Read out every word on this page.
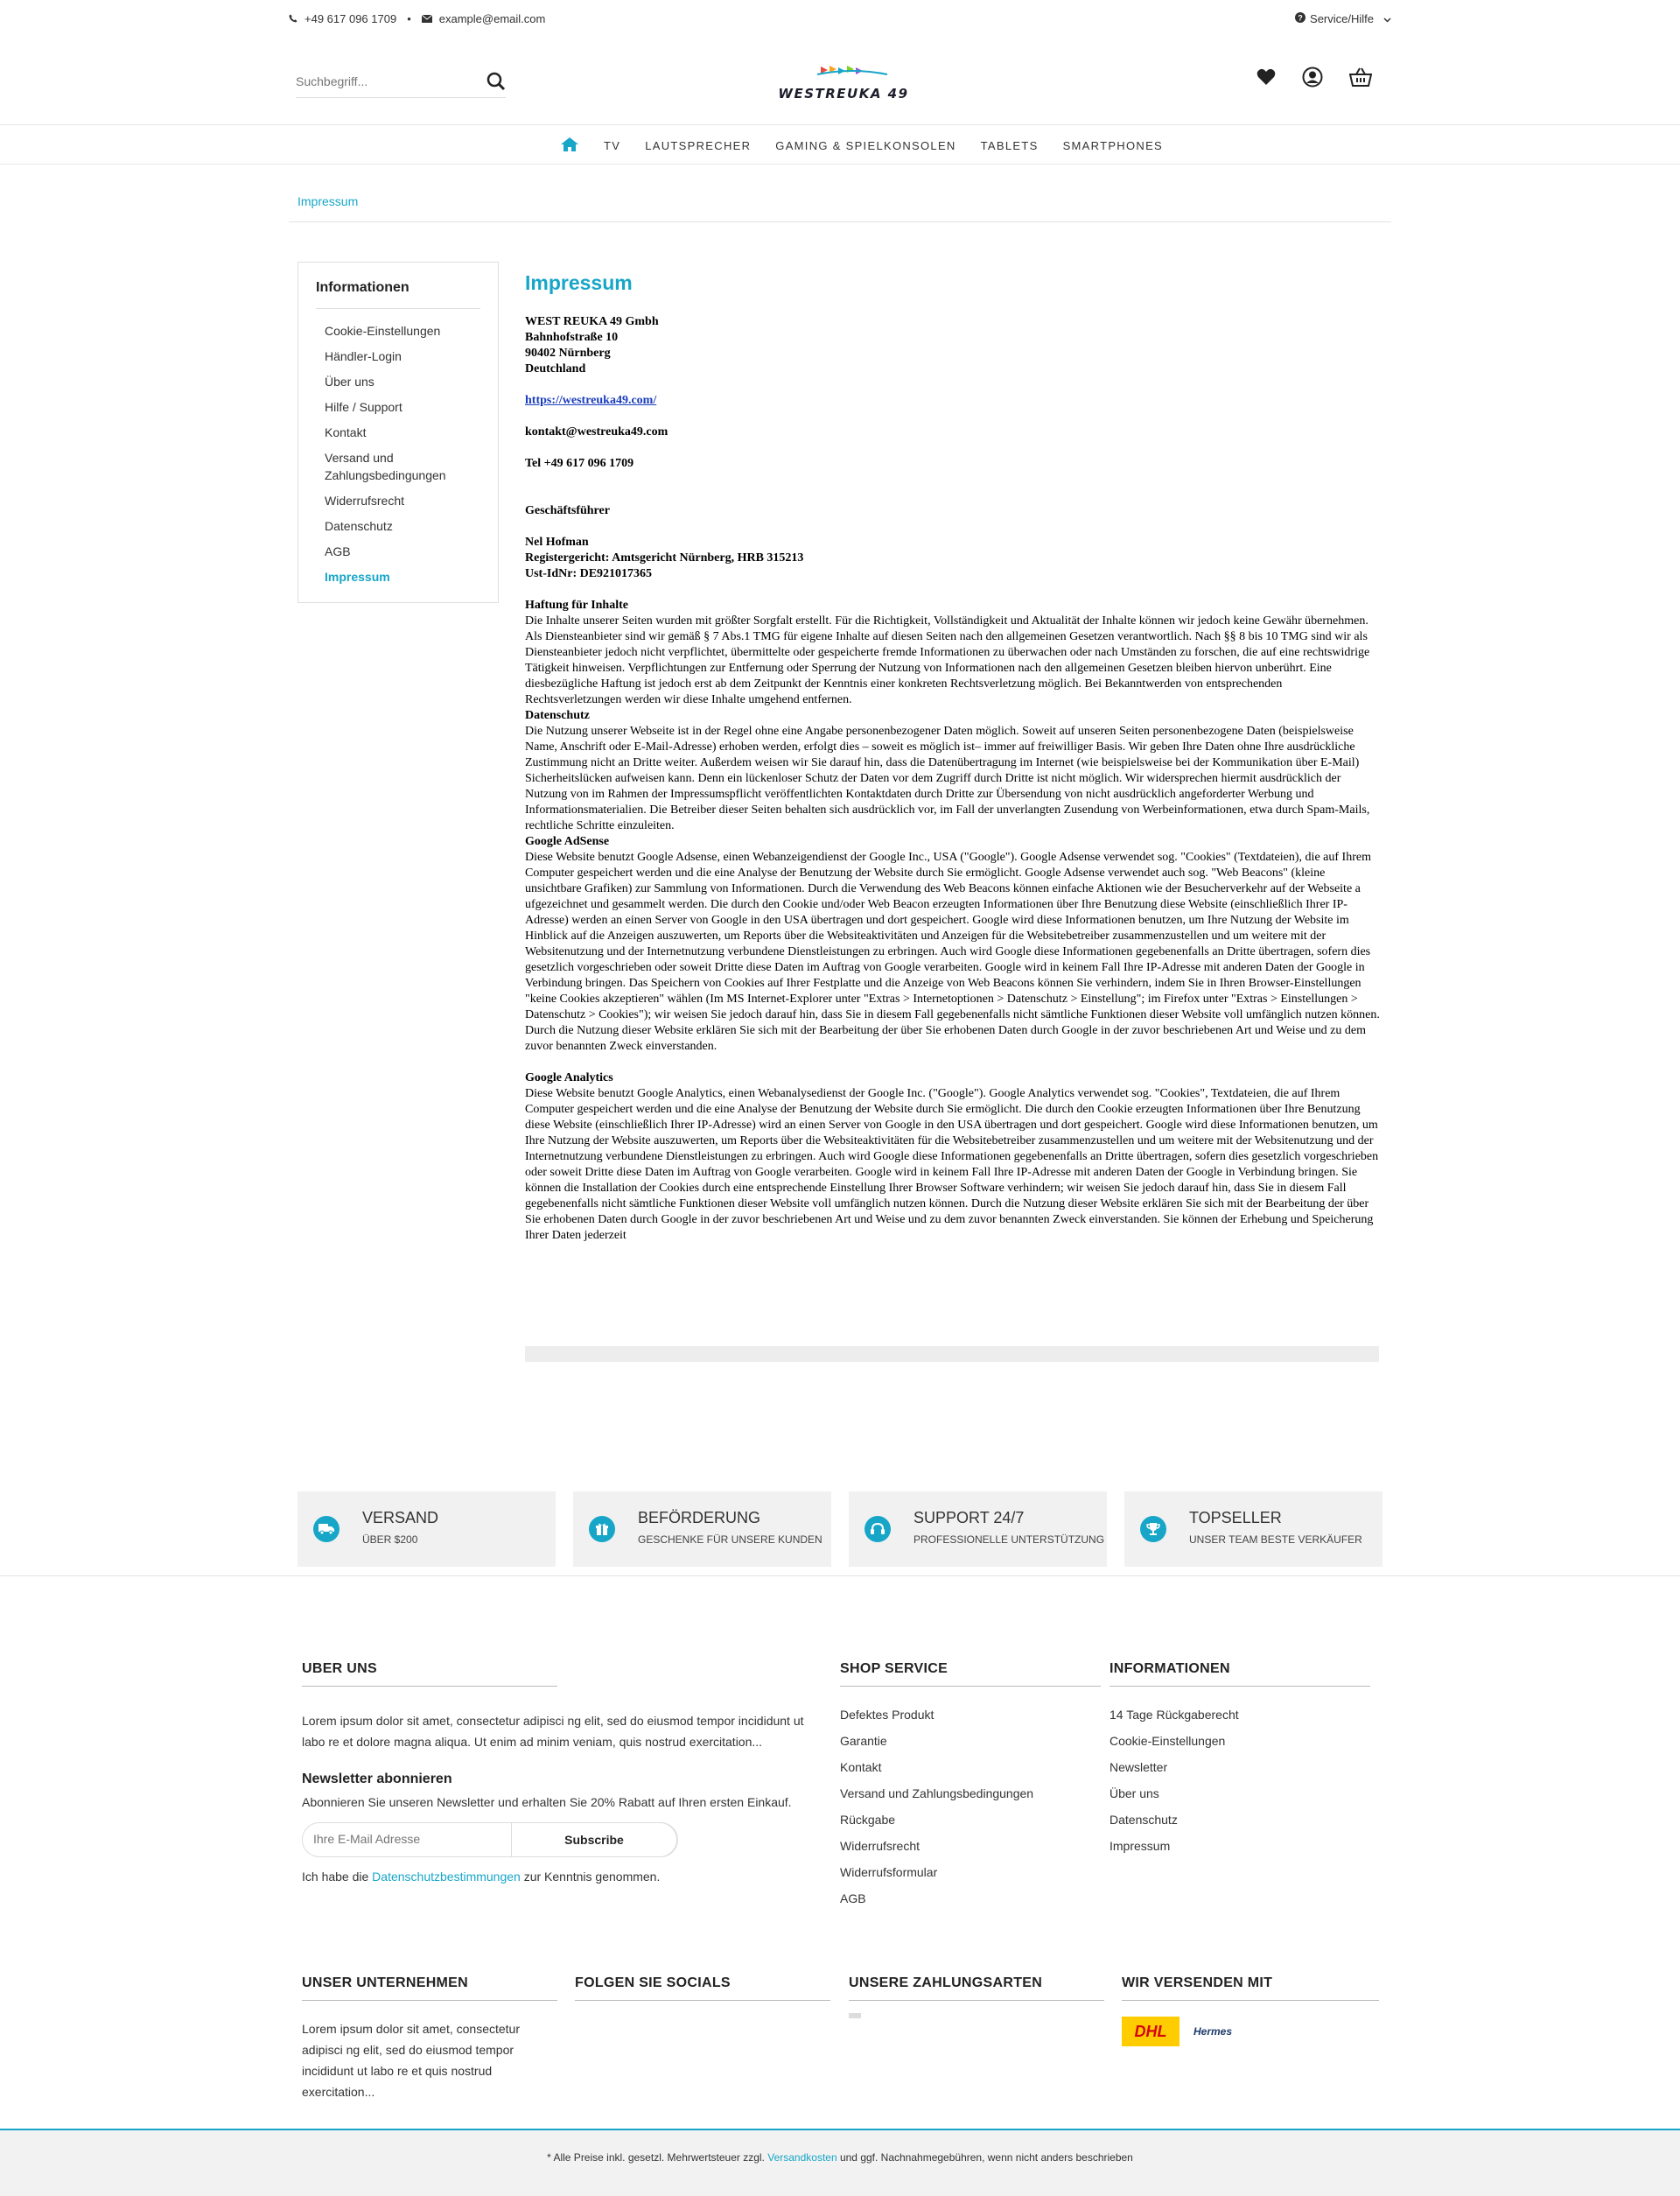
+49 617 096 1709 • example@email.com	? Service/Hilfe
Suchbegriff...
WESTREUKA 49
TV LAUTSPRECHER GAMING & SPIELKONSOLEN TABLETS SMARTPHONES
Impressum
Informationen
Cookie-Einstellungen
Händler-Login
Über uns
Hilfe / Support
Kontakt
Versand und Zahlungsbedingungen
Widerrufsrecht
Datenschutz
AGB
Impressum
Impressum

WEST REUKA 49 Gmbh

Bahnhofstraße 10

90402 Nürnberg

Deutchland

https://westreuka49.com/

kontakt@westreuka49.com

Tel +49 617 096 1709

Geschäftsführer

Nel Hofman

Registergericht: Amtsgericht Nürnberg, HRB 315213

Ust-IdNr: DE921017365

Haftung für Inhalte

Die Inhalte unserer Seiten wurden mit größter Sorgfalt erstellt. Für die Richtigkeit, Vollständigkeit und Aktualität der Inhalte können wir jedoch keine Gewähr übernehmen. Als Diensteanbieter sind wir gemäß § 7 Abs.1 TMG für eigene Inhalte auf diesen Seiten nach den allgemeinen Gesetzen verantwortlich. Nach §§ 8 bis 10 TMG sind wir als Diensteanbieter jedoch nicht verpflichtet, übermittelte oder gespeicherte fremde Informationen zu überwachen oder nach Umständen zu forschen, die auf eine rechtswidrige Tätigkeit hinweisen. Verpflichtungen zur Entfernung oder Sperrung der Nutzung von Informationen nach den allgemeinen Gesetzen bleiben hiervon unberührt. Eine diesbezügliche Haftung ist jedoch erst ab dem Zeitpunkt der Kenntnis einer konkreten Rechtsverletzung möglich. Bei Bekanntwerden von entsprechenden Rechtsverletzungen werden wir diese Inhalte umgehend entfernen.

Datenschutz

Die Nutzung unserer Webseite ist in der Regel ohne eine Angabe personenbezogener Daten möglich. Soweit auf unseren Seiten personenbezogene Daten (beispielsweise Name, Anschrift oder E-Mail-Adresse) erhoben werden, erfolgt dies – soweit es möglich ist– immer auf freiwilliger Basis. Wir geben Ihre Daten ohne Ihre ausdrückliche Zustimmung nicht an Dritte weiter. Außerdem weisen wir Sie darauf hin, dass die Datenübertragung im Internet (wie beispielsweise bei der Kommunikation über E-Mail) Sicherheitslücken aufweisen kann. Denn ein lückenloser Schutz der Daten vor dem Zugriff durch Dritte ist nicht möglich. Wir widersprechen hiermit ausdrücklich der Nutzung von im Rahmen der Impressumspflicht veröffentlichten Kontaktdaten durch Dritte zur Übersendung von nicht ausdrücklich angeforderter Werbung und Informationsmaterialien. Die Betreiber dieser Seiten behalten sich ausdrücklich vor, im Fall der unverlangten Zusendung von Werbeinformationen, etwa durch Spam-Mails, rechtliche Schritte einzuleiten.

Google AdSense

Diese Website benutzt Google Adsense, einen Webanzeigendienst der Google Inc., USA ("Google"). Google Adsense verwendet sog. "Cookies" (Textdateien), die auf Ihrem Computer gespeichert werden und die eine Analyse der Benutzung der Website durch Sie ermöglicht. Google Adsense verwendet auch sog. "Web Beacons" (kleine unsichtbare Grafiken) zur Sammlung von Informationen. Durch die Verwendung des Web Beacons können einfache Aktionen wie der Besucherverkehr auf der Webseite a ufgezeichnet und gesammelt werden. Die durch den Cookie und/oder Web Beacon erzeugten Informationen über Ihre Benutzung diese Website (einschließlich Ihrer IP-Adresse) werden an einen Server von Google in den USA übertragen und dort gespeichert. Google wird diese Informationen benutzen, um Ihre Nutzung der Website im Hinblick auf die Anzeigen auszuwerten, um Reports über die Websiteaktivitäten und Anzeigen für die Websitebetreiber zusammenzustellen und um weitere mit der Websitenutzung und der Internetnutzung verbundene Dienstleistungen zu erbringen. Auch wird Google diese Informationen gegebenenfalls an Dritte übertragen, sofern dies gesetzlich vorgeschrieben oder soweit Dritte diese Daten im Auftrag von Google verarbeiten. Google wird in keinem Fall Ihre IP-Adresse mit anderen Daten der Google in Verbindung bringen. Das Speichern von Cookies auf Ihrer Festplatte und die Anzeige von Web Beacons können Sie verhindern, indem Sie in Ihren Browser-Einstellungen "keine Cookies akzeptieren" wählen (Im MS Internet-Explorer unter "Extras > Internetoptionen > Datenschutz > Einstellung"; im Firefox unter "Extras > Einstellungen > Datenschutz > Cookies"); wir weisen Sie jedoch darauf hin, dass Sie in diesem Fall gegebenenfalls nicht sämtliche Funktionen dieser Website voll umfänglich nutzen können. Durch die Nutzung dieser Website erklären Sie sich mit der Bearbeitung der über Sie erhobenen Daten durch Google in der zuvor beschriebenen Art und Weise und zu dem zuvor benannten Zweck einverstanden.

Google Analytics

Diese Website benutzt Google Analytics, einen Webanalysedienst der Google Inc. ("Google"). Google Analytics verwendet sog. "Cookies", Textdateien, die auf Ihrem Computer gespeichert werden und die eine Analyse der Benutzung der Website durch Sie ermöglicht. Die durch den Cookie erzeugten Informationen über Ihre Benutzung diese Website (einschließlich Ihrer IP-Adresse) wird an einen Server von Google in den USA übertragen und dort gespeichert. Google wird diese Informationen benutzen, um Ihre Nutzung der Website auszuwerten, um Reports über die Websiteaktivitäten für die Websitebetreiber zusammenzustellen und um weitere mit der Websitenutzung und der Internetnutzung verbundene Dienstleistungen zu erbringen. Auch wird Google diese Informationen gegebenenfalls an Dritte übertragen, sofern dies gesetzlich vorgeschrieben oder soweit Dritte diese Daten im Auftrag von Google verarbeiten. Google wird in keinem Fall Ihre IP-Adresse mit anderen Daten der Google in Verbindung bringen. Sie können die Installation der Cookies durch eine entsprechende Einstellung Ihrer Browser Software verhindern; wir weisen Sie jedoch darauf hin, dass Sie in diesem Fall gegebenenfalls nicht sämtliche Funktionen dieser Website voll umfänglich nutzen können. Durch die Nutzung dieser Website erklären Sie sich mit der Bearbeitung der über Sie erhobenen Daten durch Google in der zuvor beschriebenen Art und Weise und zu dem zuvor benannten Zweck einverstanden. Sie können der Erhebung und Speicherung Ihrer Daten jederzeit

VERSAND
ÜBER $200
BEFÖRDERUNG
GESCHENKE FÜR UNSERE KUNDEN
SUPPORT 24/7
PROFESSIONELLE UNTERSTÜTZUNG
TOPSELLER
UNSER TEAM BESTE VERKÄUFER
UBER UNS
Lorem ipsum dolor sit amet, consectetur adipisci ng elit, sed do eiusmod tempor incididunt ut labo re et dolore magna aliqua. Ut enim ad minim veniam, quis nostrud exercitation...
Newsletter abonnieren
Abonnieren Sie unseren Newsletter und erhalten Sie 20% Rabatt auf Ihren ersten Einkauf.
Ihre E-Mail Adresse
Subscribe
Ich habe die Datenschutzbestimmungen zur Kenntnis genommen.
SHOP SERVICE
Defektes Produkt
Garantie
Kontakt
Versand und Zahlungsbedingungen
Rückgabe
Widerrufsrecht
Widerrufsformular
AGB
INFORMATIONEN
14 Tage Rückgaberecht
Cookie-Einstellungen
Newsletter
Über uns
Datenschutz
Impressum
UNSER UNTERNEHMEN
Lorem ipsum dolor sit amet, consectetur adipisci ng elit, sed do eiusmod tempor incididunt ut labo re et quis nostrud exercitation...
FOLGEN SIE SOCIALS	UNSERE ZAHLUNGSARTEN	WIR VERSENDEN MIT
DHL	Hermes
* Alle Preise inkl. gesetzl. Mehrwertsteuer zzgl. Versandkosten und ggf. Nachnahmegebühren, wenn nicht anders beschrieben
